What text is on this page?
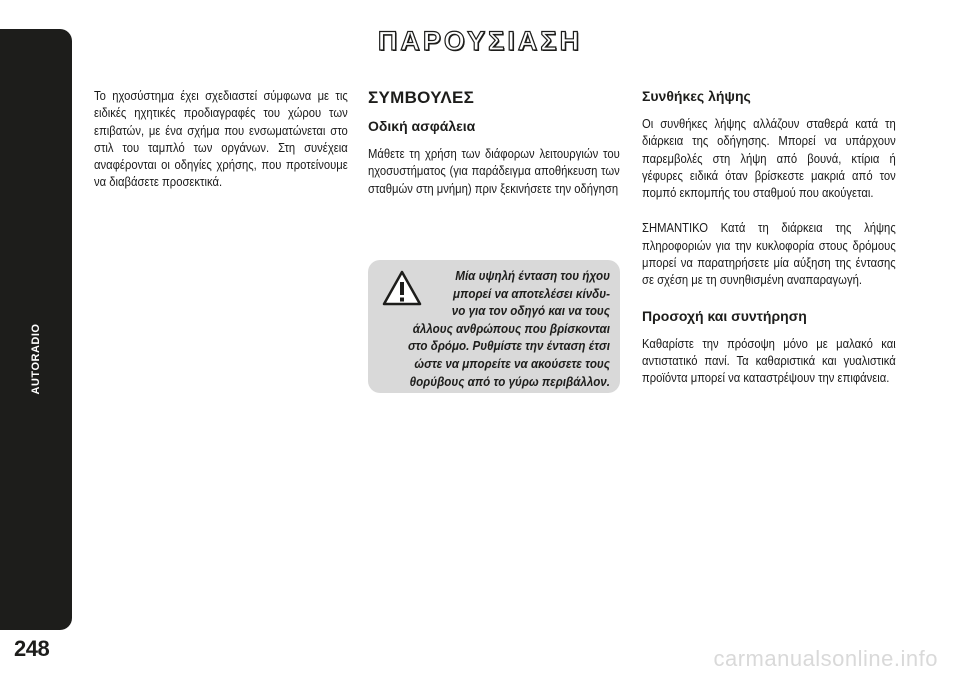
AUTORADIO
248
ΠΑΡΟΥΣΙΑΣΗ

Το ηχοσύστημα έχει σχεδιαστεί σύμφωνα με τις ειδικές ηχητικές προδιαγραφές του χώρου των επιβατών, με ένα σχήμα που ενσωματώνεται στο στιλ του ταμπλό των οργάνων. Στη συνέχεια αναφέρονται οι οδηγίες χρήσης, που προτείνουμε να διαβάσετε προσεκτικά.

ΣΥΜΒΟΥΛΕΣ
Οδική ασφάλεια

Μάθετε τη χρήση των διάφορων λειτουργιών του ηχοσυστήματος (για παράδειγμα αποθήκευση των σταθμών στη μνήμη) πριν ξεκινήσετε την οδήγηση

Μία υψηλή ένταση του ήχου
μπορεί να αποτελέσει κίνδυ-
νο για τον οδηγό και να τους
άλλους ανθρώπους που βρίσκονται
στο δρόμο. Ρυθμίστε την ένταση έτσι
ώστε να μπορείτε να ακούσετε τους
θορύβους από το γύρω περιβάλλον.
Συνθήκες λήψης

Οι συνθήκες λήψης αλλάζουν σταθερά κατά τη διάρκεια της οδήγησης. Μπορεί να υπάρχουν παρεμβολές στη λήψη από βουνά, κτίρια ή γέφυρες ειδικά όταν βρίσκεστε μακριά από τον πομπό εκπομπής του σταθμού που ακούγεται.

ΣΗΜΑΝΤΙΚΟ Κατά τη διάρκεια της λήψης πληροφοριών για την κυκλοφορία στους δρόμους μπορεί να παρατηρήσετε μία αύξηση της έντασης σε σχέση με τη συνηθισμένη αναπαραγωγή.

Προσοχή και συντήρηση

Καθαρίστε την πρόσοψη μόνο με μαλακό και αντιστατικό πανί. Τα καθαριστικά και γυαλιστικά προϊόντα μπορεί να καταστρέψουν την επιφάνεια.

carmanualsonline.info
